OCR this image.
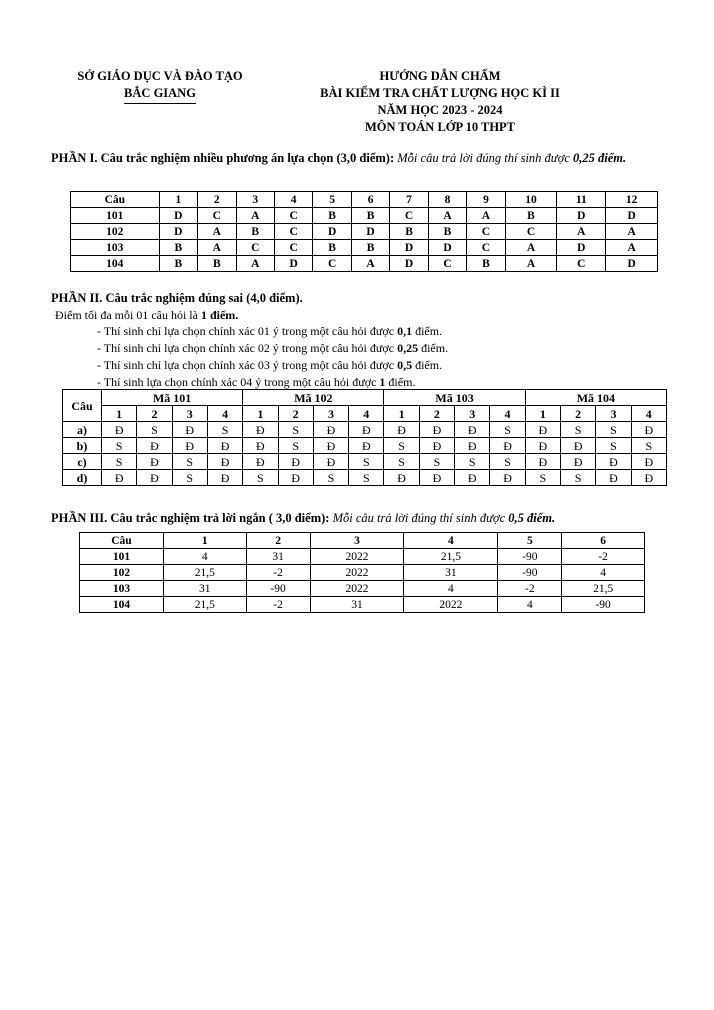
SỞ GIÁO DỤC VÀ ĐÀO TẠO
BẮC GIANG
HƯỚNG DẪN CHẤM
BÀI KIỂM TRA CHẤT LƯỢNG HỌC KÌ II
NĂM HỌC 2023 - 2024
MÔN TOÁN LỚP 10 THPT
PHẦN I. Câu trắc nghiệm nhiều phương án lựa chọn (3,0 điểm): Mỗi câu trả lời đúng thí sinh được 0,25 điểm.
Câu	1	2	3	4	5	6	7	8	9	10	11	12
101	D	C	A	C	B	B	C	A	A	B	D	D
102	D	A	B	C	D	D	B	B	C	C	A	A
103	B	A	C	C	B	B	D	D	C	A	D	A
104	B	B	A	D	C	A	D	C	B	A	C	D
PHẦN II. Câu trắc nghiệm đúng sai (4,0 điểm).
Điểm tối đa mỗi 01 câu hỏi là 1 điểm.
- Thí sinh chỉ lựa chọn chính xác 01 ý trong một câu hỏi được 0,1 điểm.
- Thí sinh chỉ lựa chọn chính xác 02 ý trong một câu hỏi được 0,25 điểm.
- Thí sinh chỉ lựa chọn chính xác 03 ý trong một câu hỏi được 0,5 điểm.
- Thí sinh lựa chọn chính xác 04 ý trong một câu hỏi được 1 điểm.
Câu	Mã 101				Mã 102				Mã 103				Mã 104			
	1	2	3	4	1	2	3	4	1	2	3	4	1	2	3	4
a)	Đ	S	Đ	S	Đ	S	Đ	Đ	Đ	Đ	Đ	S	Đ	S	S	Đ
b)	S	Đ	Đ	Đ	Đ	S	Đ	Đ	S	Đ	Đ	Đ	Đ	Đ	S	S
c)	S	Đ	S	Đ	Đ	Đ	Đ	S	S	S	S	S	Đ	Đ	Đ	Đ
d)	Đ	Đ	S	Đ	S	Đ	S	S	Đ	Đ	Đ	Đ	S	S	Đ	Đ
PHẦN III. Câu trắc nghiệm trả lời ngắn ( 3,0 điểm): Mỗi câu trả lời đúng thí sinh được 0,5 điểm.
Câu	1	2	3	4	5	6
101	4	31	2022	21,5	-90	-2
102	21,5	-2	2022	31	-90	4
103	31	-90	2022	4	-2	21,5
104	21,5	-2	31	2022	4	-90
